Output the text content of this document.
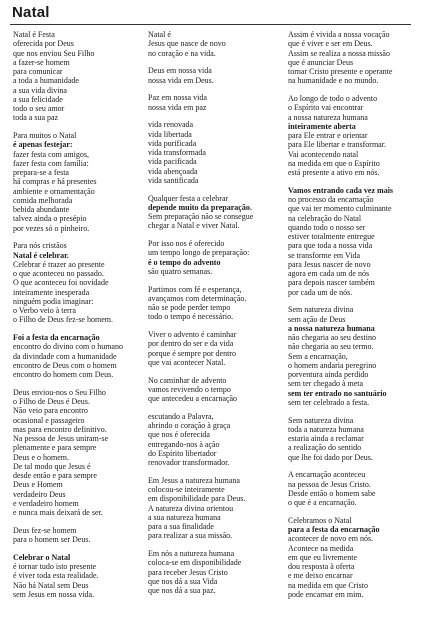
Natal
Natal é Festa
oferecida por Deus
que nos enviou Seu Filho
a fazer-se homem
para comunicar
a toda a humanidade
a sua vida divina
a sua felicidade
todo o seu amor
toda a sua paz
Para muitos o Natal
é apenas festejar:
fazer festa com amigos,
fazer festa com família:
prepara-se a festa
há compras e há presentes
ambiente e ornamentação
comida melhorada
bebida abundante
talvez ainda o presépio
por vezes só o pinheiro.
Para nós cristãos
Natal é celebrar.
Celebrar é trazer ao presente
o que aconteceu no passado.
O que aconteceu foi novidade
inteiramente inesperada
ninguém podia imaginar:
o Verbo veio à terra
o Filho de Deus fez-se homem.
Foi a festa da encarnação
encontro do divino com o humano
da divindade com a humanidade
encontro de Deus com o homem
encontro do homem com Deus.
Deus enviou-nos o Seu Filho
o Filho de Deus é Deus.
Não veio para encontro
ocasional e passageiro
mas para encontro definitivo.
Na pessoa de Jesus uniram-se
plenamente e para sempre
Deus e o homem.
De tal modo que Jesus é
desde então e para sempre
Deus e Homem
verdadeiro Deus
e verdadeiro homem
e nunca mais deixará de ser.
Deus fez-se homem
para o homem ser Deus.
Celebrar o Natal
é tornar tudo isto presente
é viver toda esta realidade.
Não há Natal sem Deus
sem Jesus em nossa vida.
Natal é
Jesus que nasce de novo
no coração e na vida.
Deus em nossa vida
nossa vida em Deus.
Paz em nossa vida
nossa vida em paz
vida renovada
vida libertada
vida purificada
vida transformada
vida pacificada
vida abençoada
vida santificada
Qualquer festa a celebrar
depende muito da preparação.
Sem preparação não se consegue
chegar a Natal e viver Natal.
Por isso nos é oferecido
um tempo longo de preparação:
é o tempo do advento
são quatro semanas.
Partimos com fé e esperança,
avançamos com determinação.
não se pode perder tempo
todo o tempo é necessário.
Viver o advento é caminhar
por dentro do ser e da vida
porque é sempre por dentro
que vai acontecer Natal.
No caminhar de advento
vamos revivendo o tempo
que antecedeu a encarnação
escutando a Palavra,
abrindo o coração à graça
que nos é oferecida
entregando-nos à ação
do Espírito libertador
renovador transformador.
Em Jesus a natureza humana
colocou-se inteiramente
em disponibilidade para Deus.
A natureza divina orientou
a sua natureza humana
para a sua finalidade
para realizar a sua missão.
Em nós a natureza humana
coloca-se em disponibilidade
para receber Jesus Cristo
que nos dá a sua Vida
que nos dá a sua paz.
Assim é vivida a nossa vocação
que é viver e ser em Deus.
Assim se realiza a nossa missão
que é anunciar Deus
tornar Cristo presente e operante
na humanidade e no mundo.
Ao longo de todo o advento
o Espírito vai encontrar
a nossa natureza humana
inteiramente aberta
para Ele entrar e orientar
para Ele libertar e transformar.
Vai acontecendo natal
na medida em que o Espírito
está presente a ativo em nós.
Vamos entrando cada vez mais
no processo da encarnação
que vai ter momento culminante
na celebração do Natal
quando todo o nosso ser
estiver totalmente entregue
para que toda a nossa vida
se transforme em Vida
para Jesus nascer de novo
agora em cada um de nós
para depois nascer também
por cada um de nós.
Sem natureza divina
sem ação de Deus
a nossa natureza humana
não chegaria ao seu destino
não chegaria ao seu termo.
Sem a encarnação,
o homem andaria peregrino
porventura ainda perdido
sem ter chegado à meta
sem ter entrado no santuário
sem ter celebrado a festa.
Sem natureza divina
toda a natureza humana
estaria ainda a reclamar
a realização do sentido
que lhe foi dado por Deus.
A encarnação aconteceu
na pessoa de Jesus Cristo.
Desde então o homem sabe
o que é a encarnação.
Celebramos o Natal
para a festa da encarnação
acontecer de novo em nós.
Acontece na medida
em que eu livremente
dou resposta à oferta
e me deixo encarnar
na medida em que Cristo
pode encarnar em mim.
